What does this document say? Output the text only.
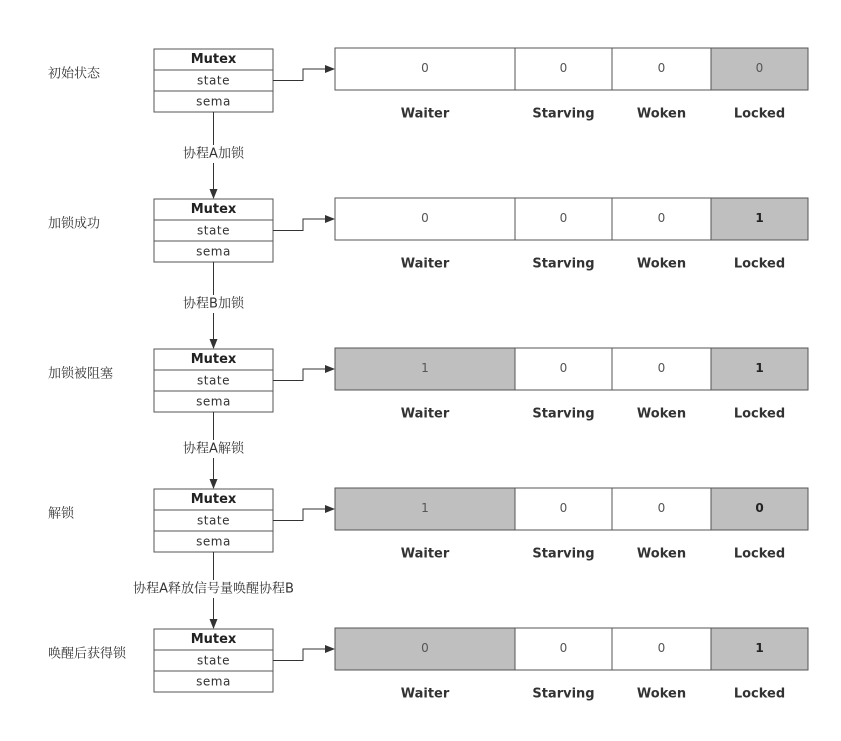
初始状态
Mutex
state
sema
0
Waiter
0
Starving
0
Woken
0
Locked
加锁成功
Mutex
state
sema
0
Waiter
0
Starving
0
Woken
1
Locked
加锁被阻塞
Mutex
state
sema
1
Waiter
0
Starving
0
Woken
1
Locked
解锁
Mutex
state
sema
1
Waiter
0
Starving
0
Woken
0
Locked
唤醒后获得锁
Mutex
state
sema
0
Waiter
0
Starving
0
Woken
1
Locked
协程A加锁
协程B加锁
协程A解锁
协程A释放信号量唤醒协程B
